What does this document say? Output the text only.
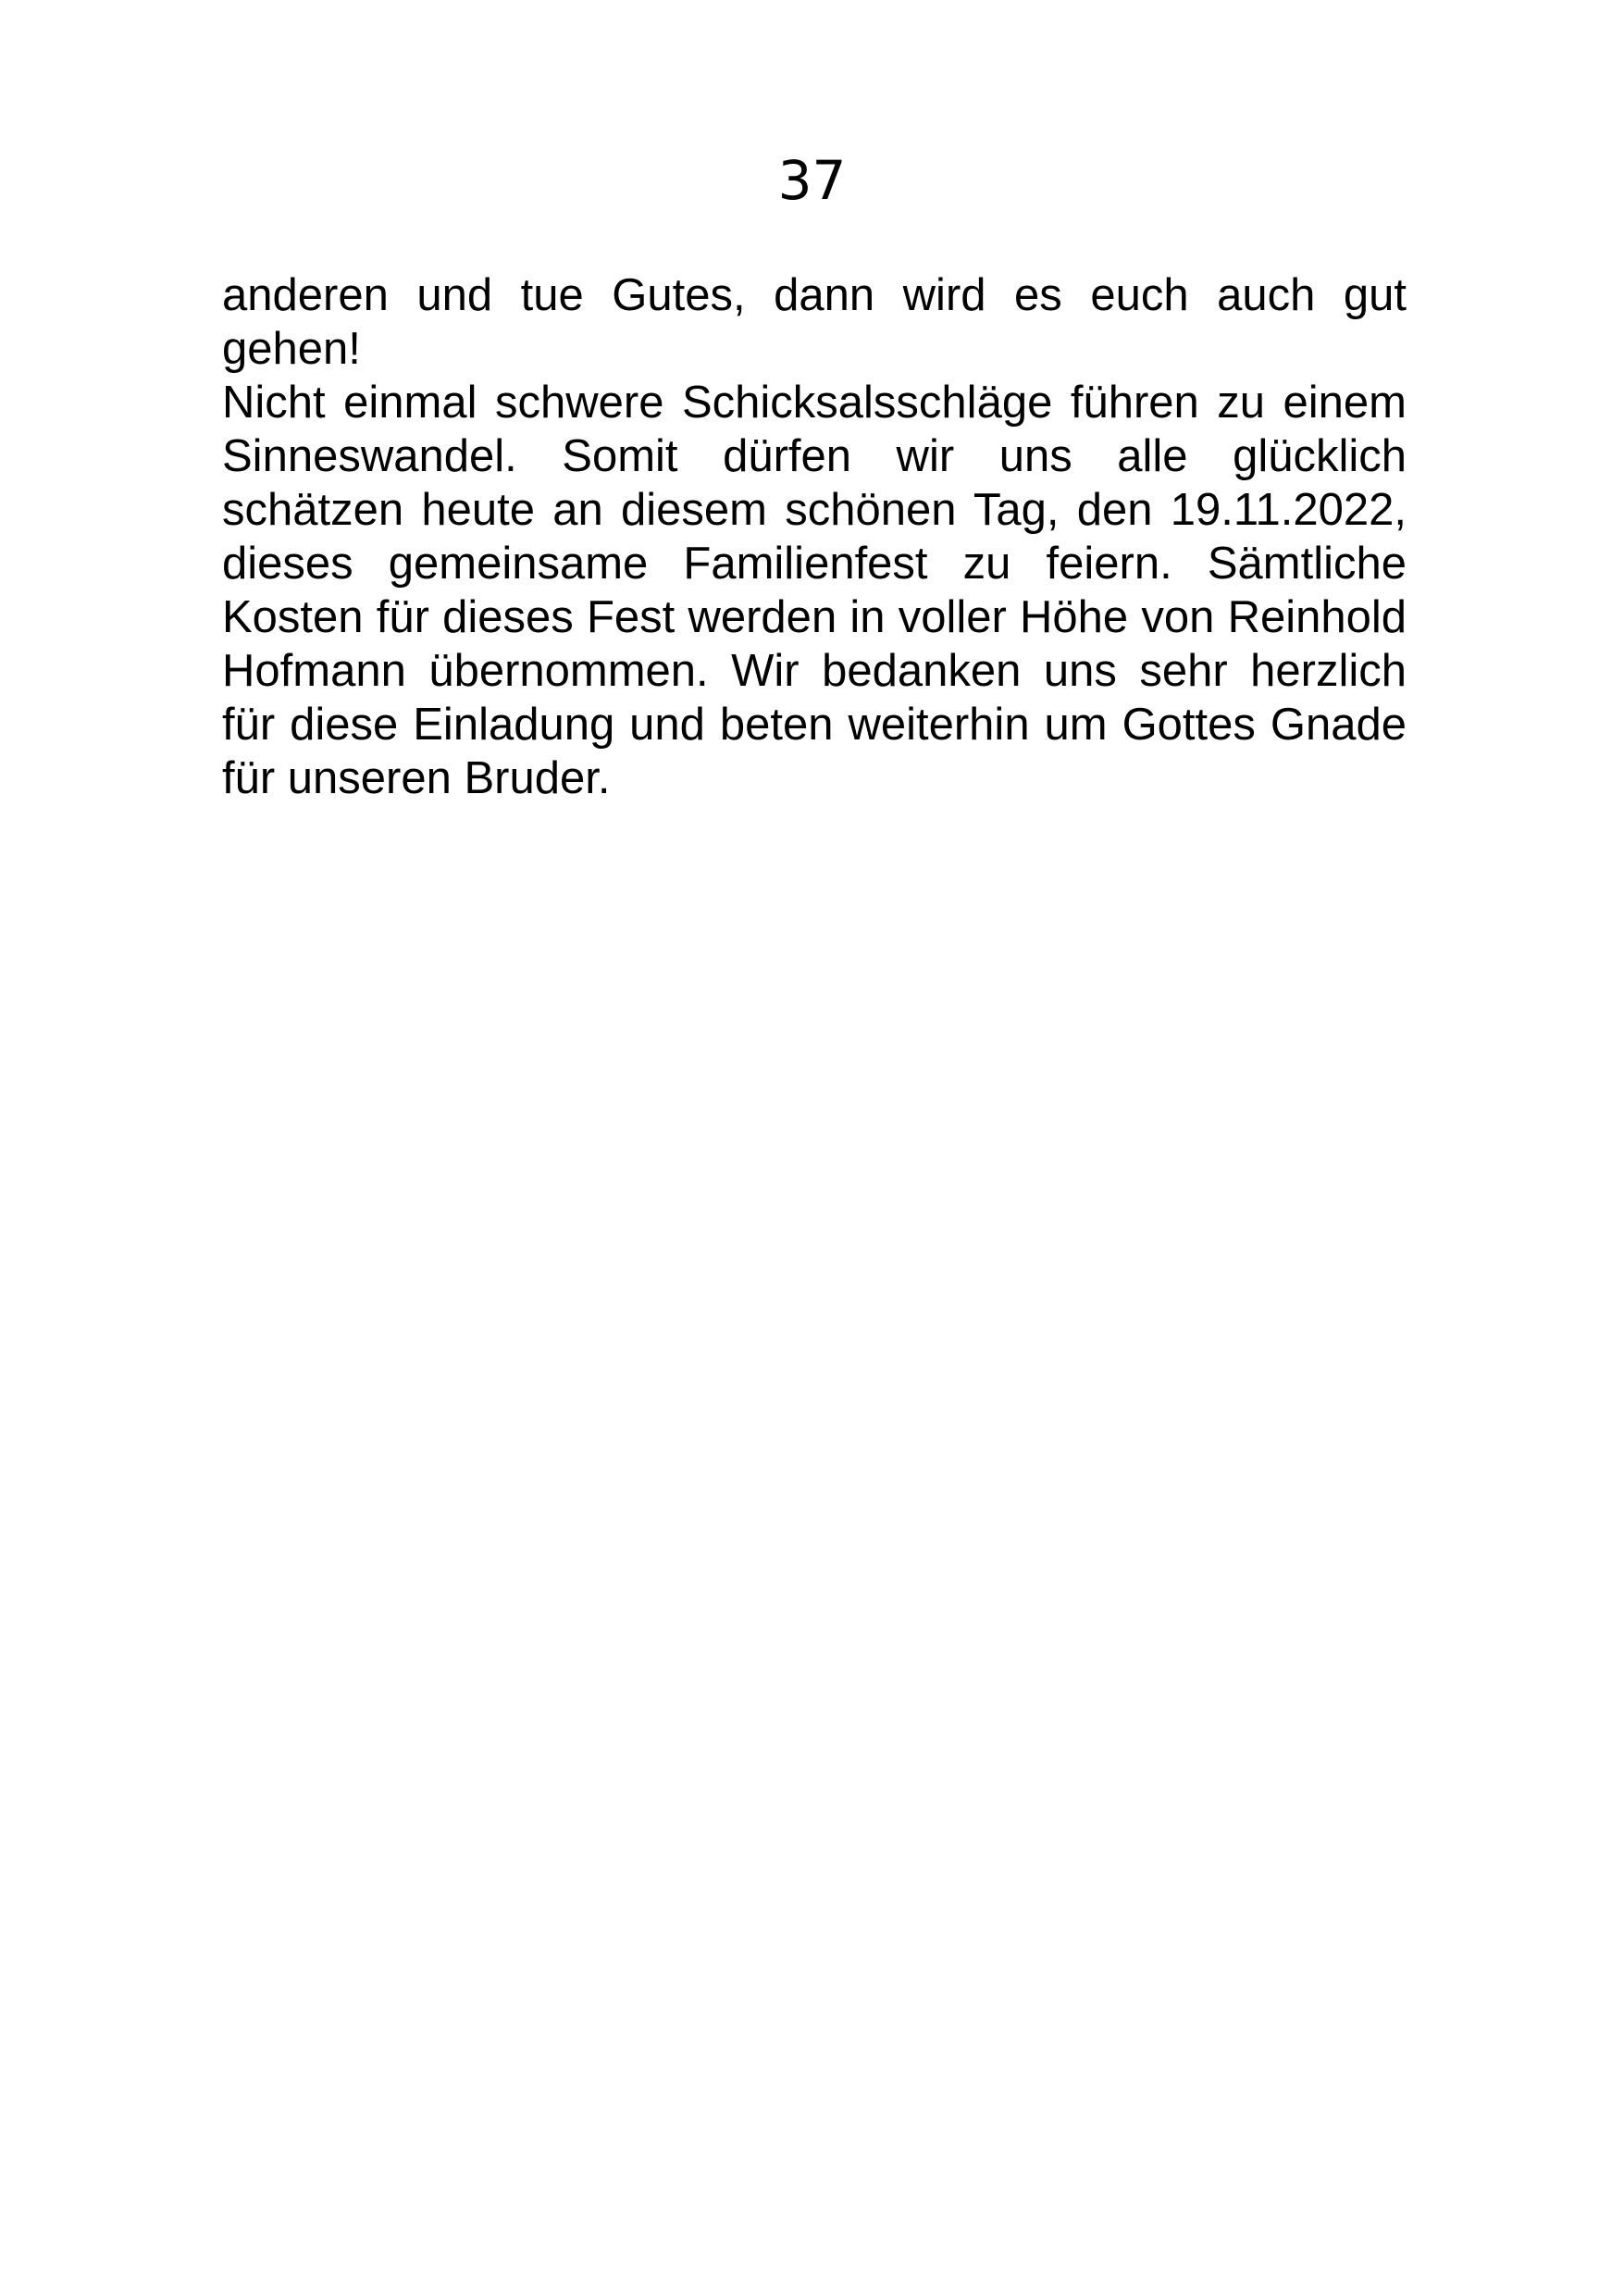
37
anderen und tue Gutes, dann wird es euch auch gut
gehen!
Nicht einmal schwere Schicksalsschläge führen zu einem
Sinneswandel. Somit dürfen wir uns alle glücklich
schätzen heute an diesem schönen Tag, den 19.11.2022,
dieses gemeinsame Familienfest zu feiern. Sämtliche
Kosten für dieses Fest werden in voller Höhe von Reinhold
Hofmann übernommen. Wir bedanken uns sehr herzlich
für diese Einladung und beten weiterhin um Gottes Gnade
für unseren Bruder.
